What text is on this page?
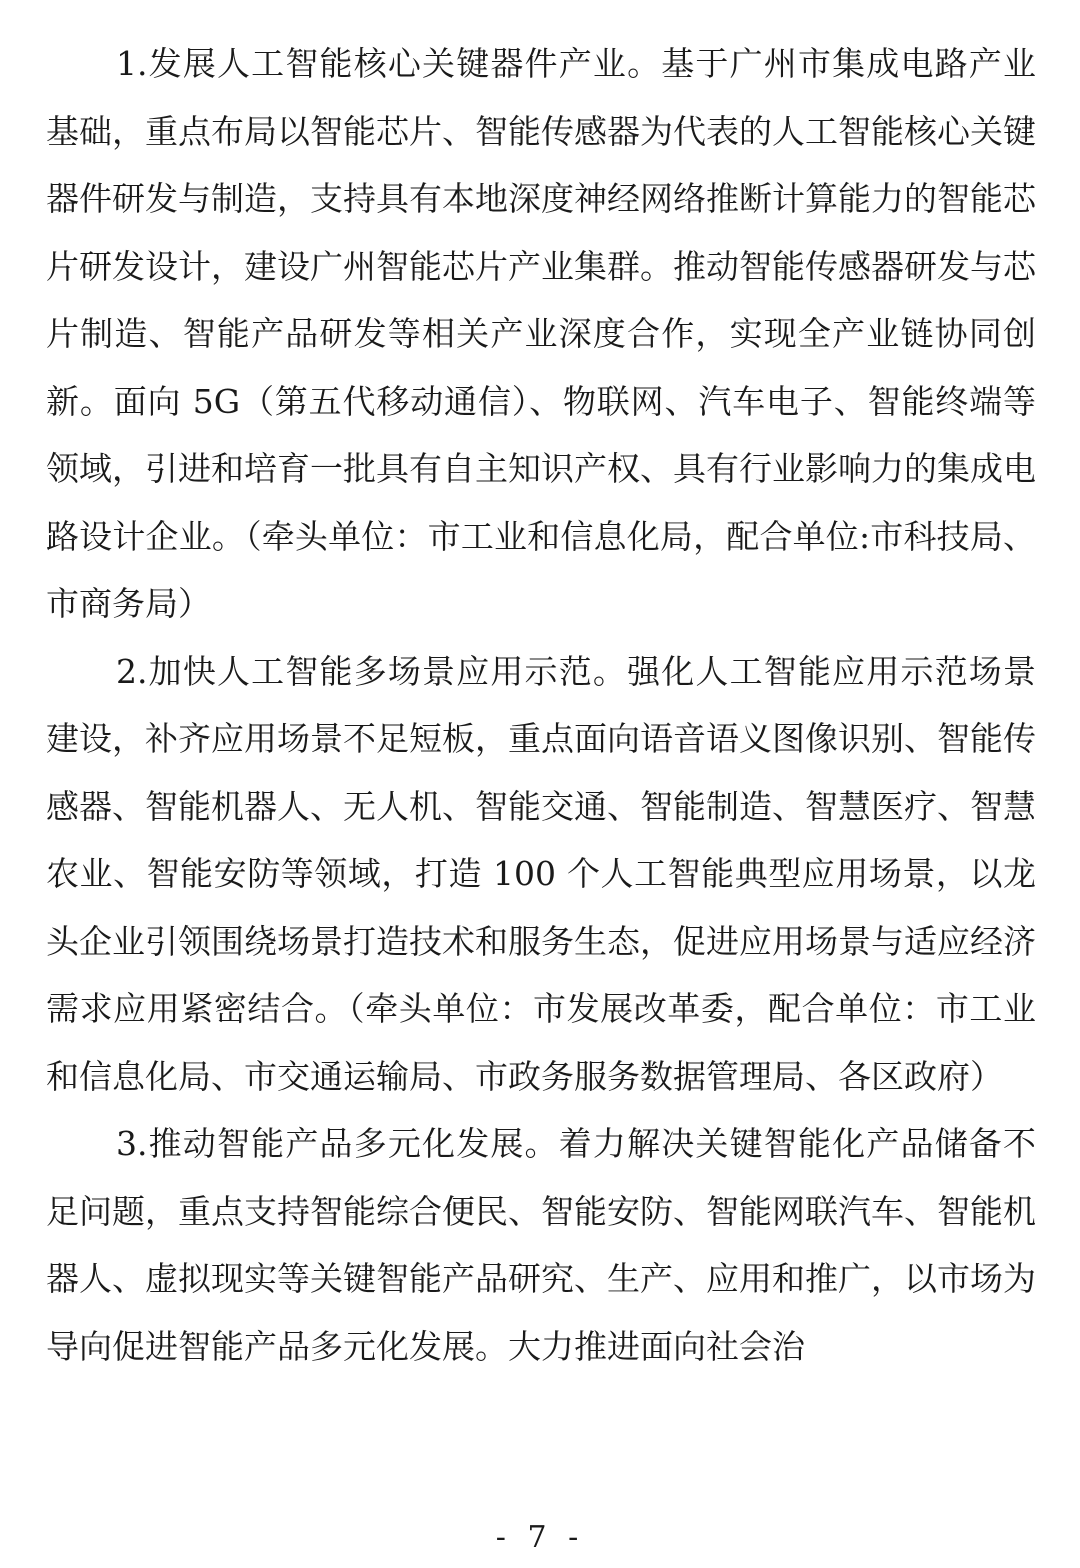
1.发展人工智能核心关键器件产业。基于广州市集成电路产业基础，重点布局以智能芯片、智能传感器为代表的人工智能核心关键器件研发与制造，支持具有本地深度神经网络推断计算能力的智能芯片研发设计，建设广州智能芯片产业集群。推动智能传感器研发与芯片制造、智能产品研发等相关产业深度合作，实现全产业链协同创新。面向 5G（第五代移动通信）、物联网、汽车电子、智能终端等领域，引进和培育一批具有自主知识产权、具有行业影响力的集成电路设计企业。（牵头单位：市工业和信息化局，配合单位:市科技局、市商务局）

2.加快人工智能多场景应用示范。强化人工智能应用示范场景建设，补齐应用场景不足短板，重点面向语音语义图像识别、智能传感器、智能机器人、无人机、智能交通、智能制造、智慧医疗、智慧农业、智能安防等领域，打造 100 个人工智能典型应用场景，以龙头企业引领围绕场景打造技术和服务生态，促进应用场景与适应经济需求应用紧密结合。（牵头单位：市发展改革委，配合单位：市工业和信息化局、市交通运输局、市政务服务数据管理局、各区政府）

3.推动智能产品多元化发展。着力解决关键智能化产品储备不足问题，重点支持智能综合便民、智能安防、智能网联汽车、智能机器人、虚拟现实等关键智能产品研究、生产、应用和推广，以市场为导向促进智能产品多元化发展。大力推进面向社会治

- 7 -
